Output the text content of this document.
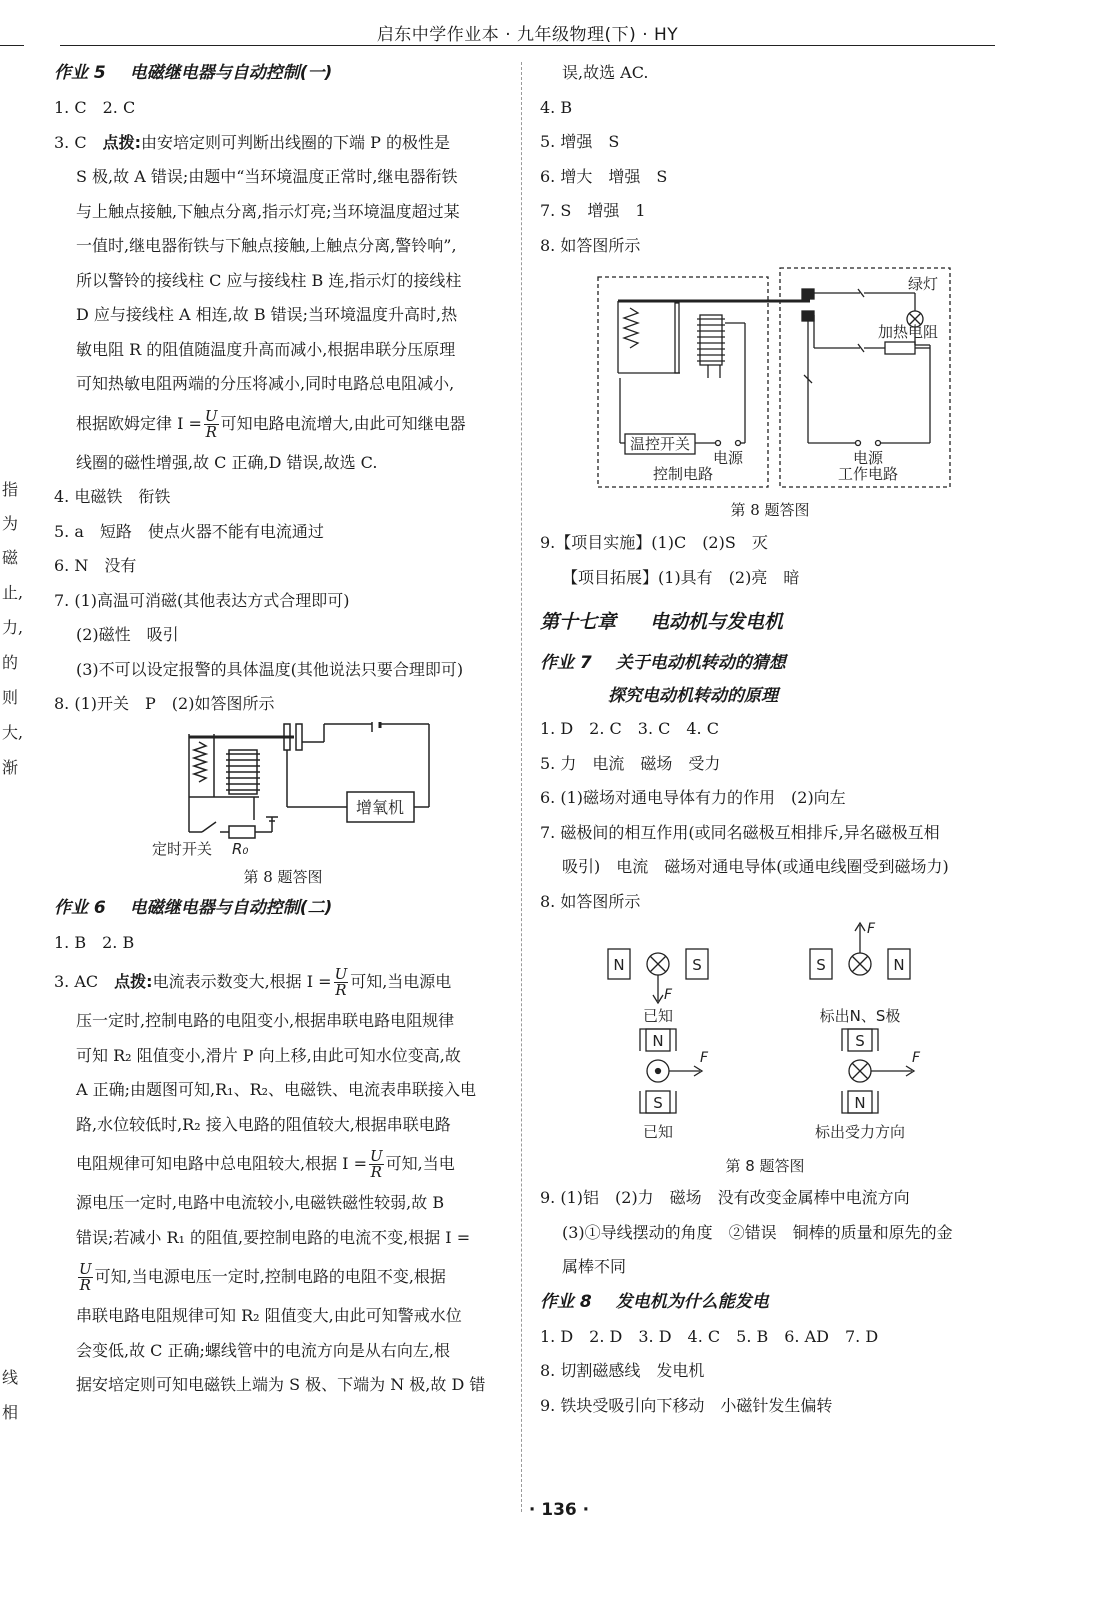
启东中学作业本 · 九年级物理(下) · HY
指
为
磁
止,
力,
的
则
大,
渐
线
相
作业 5 电磁继电器与自动控制(一)
1. C　2. C
3. C　点拨:由安培定则可判断出线圈的下端 P 的极性是
S 极,故 A 错误;由题中“当环境温度正常时,继电器衔铁
与上触点接触,下触点分离,指示灯亮;当环境温度超过某
一值时,继电器衔铁与下触点接触,上触点分离,警铃响”,
所以警铃的接线柱 C 应与接线柱 B 连,指示灯的接线柱
D 应与接线柱 A 相连,故 B 错误;当环境温度升高时,热
敏电阻 R 的阻值随温度升高而减小,根据串联分压原理
可知热敏电阻两端的分压将减小,同时电路总电阻减小,
根据欧姆定律 $I = \frac{U}{R}$ 可知电路电流增大,由此可知继电器
线圈的磁性增强,故 C 正确,D 错误,故选 C.
4. 电磁铁　衔铁
5. a　短路　使点火器不能有电流通过
6. N　没有
7. (1)高温可消磁(其他表达方式合理即可)
(2)磁性　吸引
(3)不可以设定报警的具体温度(其他说法只要合理即可)
8. (1)开关　P　(2)如答图所示
增氧机
定时开关 R₀
第 8 题答图
作业 6 电磁继电器与自动控制(二)
1. B　2. B
3. AC　点拨:电流表示数变大,根据 $I = \frac{U}{R}$ 可知,当电源电
压一定时,控制电路的电阻变小,根据串联电路电阻规律
可知 R₂ 阻值变小,滑片 P 向上移,由此可知水位变高,故
A 正确;由题图可知,R₁、R₂、电磁铁、电流表串联接入电
路,水位较低时,R₂ 接入电路的阻值较大,根据串联电路
电阻规律可知电路中总电阻较大,根据 $I = \frac{U}{R}$ 可知,当电
源电压一定时,电路中电流较小,电磁铁磁性较弱,故 B
错误;若减小 R₁ 的阻值,要控制电路的电流不变,根据 I =
$\frac{U}{R}$ 可知,当电源电压一定时,控制电路的电阻不变,根据
串联电路电阻规律可知 R₂ 阻值变大,由此可知警戒水位
会变低,故 C 正确;螺线管中的电流方向是从右向左,根
据安培定则可知电磁铁上端为 S 极、下端为 N 极,故 D 错
误,故选 AC.
4. B
5. 增强　S
6. 增大　增强　S
7. S　增强　1
8. 如答图所示
温控开关
电源
控制电路
绿灯
加热电阻
电源
工作电路
第 8 题答图
9.【项目实施】(1)C　(2)S　灭
【项目拓展】(1)具有　(2)亮　暗
第十七章 电动机与发电机
作业 7 关于电动机转动的猜想
探究电动机转动的原理
1. D　2. C　3. C　4. C
5. 力　电流　磁场　受力
6. (1)磁场对通电导体有力的作用　(2)向左
7. 磁极间的相互作用(或同名磁极互相排斥,异名磁极互相
吸引)　电流　磁场对通电导体(或通电线圈受到磁场力)
8. 如答图所示
N	S
F
已知
S	N
F
标出N、S极
N
S
F
已知
S
N
F
标出受力方向
第 8 题答图
9. (1)铝　(2)力　磁场　没有改变金属棒中电流方向
(3)①导线摆动的角度　②错误　铜棒的质量和原先的金
属棒不同
作业 8 发电机为什么能发电
1. D　2. D　3. D　4. C　5. B　6. AD　7. D
8. 切割磁感线　发电机
9. 铁块受吸引向下移动　小磁针发生偏转
· 136 ·
